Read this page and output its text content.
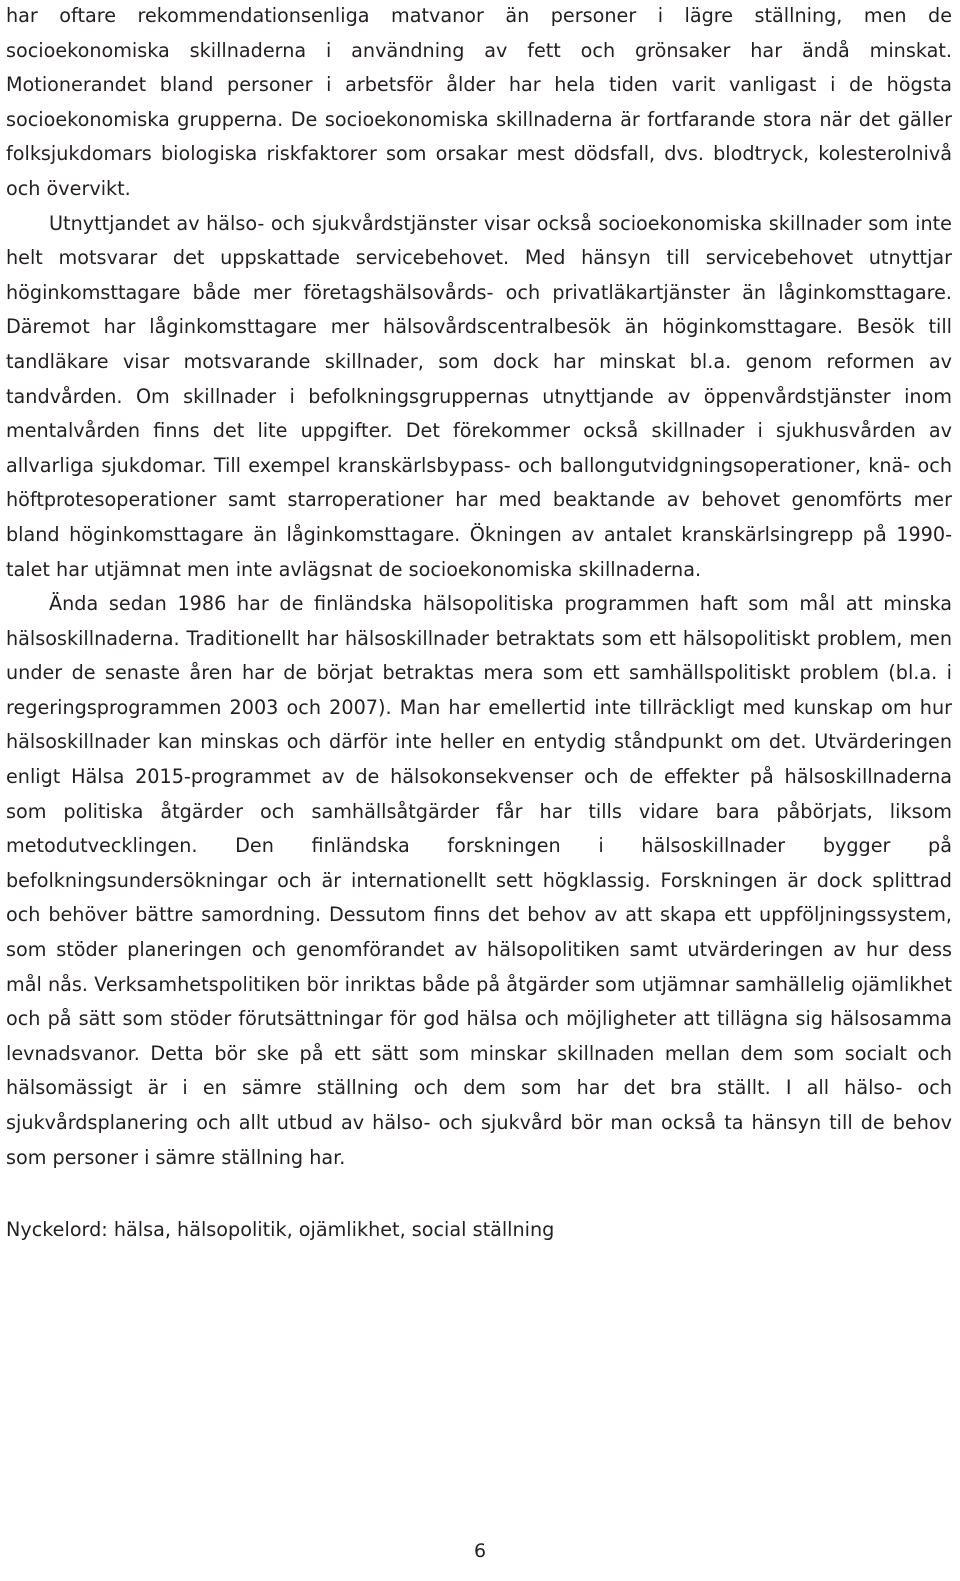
har oftare rekommendationsenliga matvanor än personer i lägre ställning, men de socioekonomiska skillnaderna i användning av fett och grönsaker har ändå minskat. Motionerandet bland personer i arbetsför ålder har hela tiden varit vanligast i de högsta socioekonomiska grupperna. De socioekonomiska skillnaderna är fortfarande stora när det gäller folksjukdomars biologiska riskfaktorer som orsakar mest dödsfall, dvs. blodtryck, kolesterolnivå och övervikt.

Utnyttjandet av hälso- och sjukvårdstjänster visar också socioekonomiska skillnader som inte helt motsvarar det uppskattade servicebehovet. Med hänsyn till servicebehovet utnyttjar höginkomsttagare både mer företagshälsovårds- och privatläkartjänster än låginkomsttagare. Däremot har låginkomsttagare mer hälsovårdscentralbesök än höginkomsttagare. Besök till tandläkare visar motsvarande skillnader, som dock har minskat bl.a. genom reformen av tandvården. Om skillnader i befolkningsgruppernas utnyttjande av öppenvårdstjänster inom mentalvården finns det lite uppgifter. Det förekommer också skillnader i sjukhusvården av allvarliga sjukdomar. Till exempel kranskärlsbypass- och ballongutvidgningsoperationer, knä- och höftprotesoperationer samt starroperationer har med beaktande av behovet genomförts mer bland höginkomsttagare än låginkomsttagare. Ökningen av antalet kranskärlsingrepp på 1990-talet har utjämnat men inte avlägsnat de socioekonomiska skillnaderna.

Ända sedan 1986 har de finländska hälsopolitiska programmen haft som mål att minska hälsoskillnaderna. Traditionellt har hälsoskillnader betraktats som ett hälsopolitiskt problem, men under de senaste åren har de börjat betraktas mera som ett samhällspolitiskt problem (bl.a. i regeringsprogrammen 2003 och 2007). Man har emellertid inte tillräckligt med kunskap om hur hälsoskillnader kan minskas och därför inte heller en entydig ståndpunkt om det. Utvärderingen enligt Hälsa 2015-programmet av de hälsokonsekvenser och de effekter på hälsoskillnaderna som politiska åtgärder och samhällsåtgärder får har tills vidare bara påbörjats, liksom metodutvecklingen. Den finländska forskningen i hälsoskillnader bygger på befolkningsundersökningar och är internationellt sett högklassig. Forskningen är dock splittrad och behöver bättre samordning. Dessutom finns det behov av att skapa ett uppföljningssystem, som stöder planeringen och genomförandet av hälsopolitiken samt utvärderingen av hur dess mål nås. Verksamhetspolitiken bör inriktas både på åtgärder som utjämnar samhällelig ojämlikhet och på sätt som stöder förutsättningar för god hälsa och möjligheter att tillägna sig hälsosamma levnadsvanor. Detta bör ske på ett sätt som minskar skillnaden mellan dem som socialt och hälsomässigt är i en sämre ställning och dem som har det bra ställt. I all hälso- och sjukvårdsplanering och allt utbud av hälso- och sjukvård bör man också ta hänsyn till de behov som personer i sämre ställning har.

Nyckelord: hälsa, hälsopolitik, ojämlikhet, social ställning

6
